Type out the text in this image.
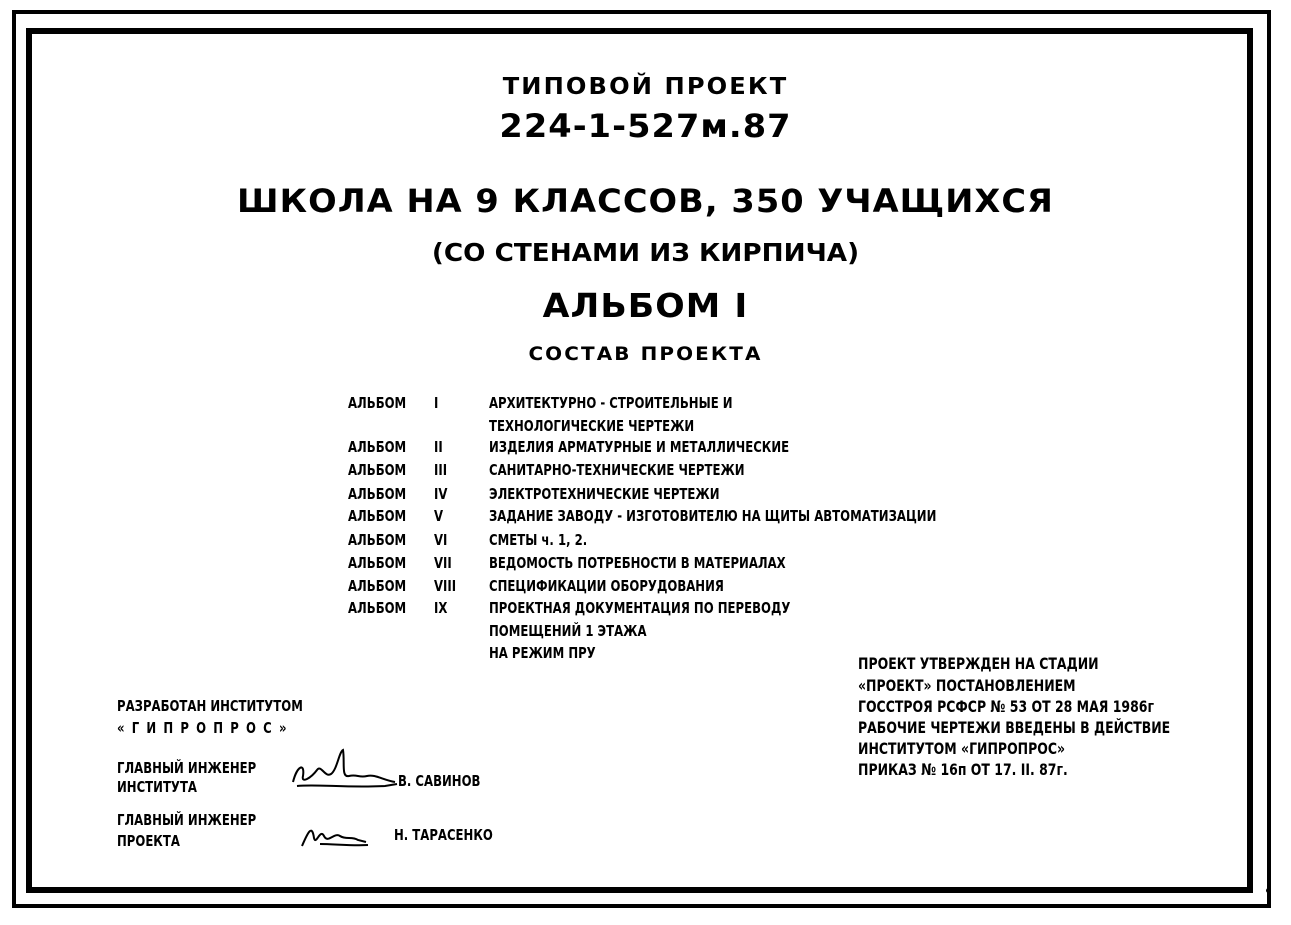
ТИПОВОЙ ПРОЕКТ
224-1-527м.87
ШКОЛА НА 9 КЛАССОВ, 350 УЧАЩИХСЯ
(СО СТЕНАМИ ИЗ КИРПИЧА)
АЛЬБОМ I
СОСТАВ ПРОЕКТА
АЛЬБОМ I	АРХИТЕКТУРНО - СТРОИТЕЛЬНЫЕ И
ТЕХНОЛОГИЧЕСКИЕ ЧЕРТЕЖИ
АЛЬБОМ II	ИЗДЕЛИЯ АРМАТУРНЫЕ И МЕТАЛЛИЧЕСКИЕ
АЛЬБОМ III	САНИТАРНО-ТЕХНИЧЕСКИЕ ЧЕРТЕЖИ
АЛЬБОМ IV	ЭЛЕКТРОТЕХНИЧЕСКИЕ ЧЕРТЕЖИ
АЛЬБОМ V	ЗАДАНИЕ ЗАВОДУ - ИЗГОТОВИТЕЛЮ НА ЩИТЫ АВТОМАТИЗАЦИИ
АЛЬБОМ VI	СМЕТЫ ч. 1, 2.
АЛЬБОМ VII ВЕДОМОСТЬ ПОТРЕБНОСТИ В МАТЕРИАЛАХ
АЛЬБОМ VIII СПЕЦИФИКАЦИИ ОБОРУДОВАНИЯ
АЛЬБОМ IX	ПРОЕКТНАЯ ДОКУМЕНТАЦИЯ ПО ПЕРЕВОДУ
ПОМЕЩЕНИЙ 1 ЭТАЖА
НА РЕЖИМ ПРУ
ПРОЕКТ УТВЕРЖДЕН НА СТАДИИ
«ПРОЕКТ» ПОСТАНОВЛЕНИЕМ
ГОССТРОЯ РСФСР № 53 ОТ 28 МАЯ 1986г
РАБОЧИЕ ЧЕРТЕЖИ ВВЕДЕНЫ В ДЕЙСТВИЕ
ИНСТИТУТОМ «ГИПРОПРОС»
ПРИКАЗ № 16п ОТ 17. II. 87г.
РАЗРАБОТАН ИНСТИТУТОМ
« Г И П Р О П Р О С »
ГЛАВНЫЙ ИНЖЕНЕР
ИНСТИТУТА	В. САВИНОВ
ГЛАВНЫЙ ИНЖЕНЕР
ПРОЕКТА	Н. ТАРАСЕНКО
